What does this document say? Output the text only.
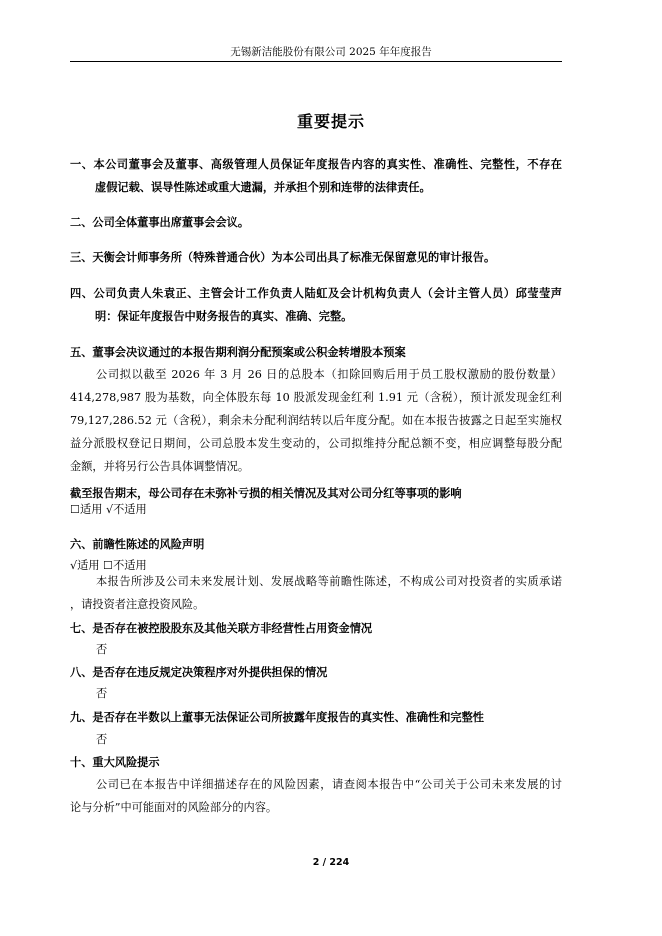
无锡新洁能股份有限公司 2025 年年度报告
重要提示
一、本公司董事会及董事、高级管理人员保证年度报告内容的真实性、准确性、完整性，不存在
虚假记载、误导性陈述或重大遗漏，并承担个别和连带的法律责任。
二、公司全体董事出席董事会会议。
三、天衡会计师事务所（特殊普通合伙）为本公司出具了标准无保留意见的审计报告。
四、公司负责人朱袁正、主管会计工作负责人陆虹及会计机构负责人（会计主管人员）邱莹莹声
明：保证年度报告中财务报告的真实、准确、完整。
五、董事会决议通过的本报告期利润分配预案或公积金转增股本预案
公司拟以截至 2026 年 3 月 26 日的总股本（扣除回购后用于员工股权激励的股份数量）
414,278,987 股为基数，向全体股东每 10 股派发现金红利 1.91 元（含税），预计派发现金红利
79,127,286.52 元（含税），剩余未分配利润结转以后年度分配。如在本报告披露之日起至实施权
益分派股权登记日期间，公司总股本发生变动的，公司拟维持分配总额不变，相应调整每股分配
金额，并将另行公告具体调整情况。
截至报告期末，母公司存在未弥补亏损的相关情况及其对公司分红等事项的影响
☐适用 √不适用
六、前瞻性陈述的风险声明
√适用 ☐不适用
本报告所涉及公司未来发展计划、发展战略等前瞻性陈述，不构成公司对投资者的实质承诺
，请投资者注意投资风险。
七、是否存在被控股股东及其他关联方非经营性占用资金情况
否
八、是否存在违反规定决策程序对外提供担保的情况
否
九、是否存在半数以上董事无法保证公司所披露年度报告的真实性、准确性和完整性
否
十、重大风险提示
公司已在本报告中详细描述存在的风险因素，请查阅本报告中“公司关于公司未来发展的讨
论与分析”中可能面对的风险部分的内容。
2 / 224
